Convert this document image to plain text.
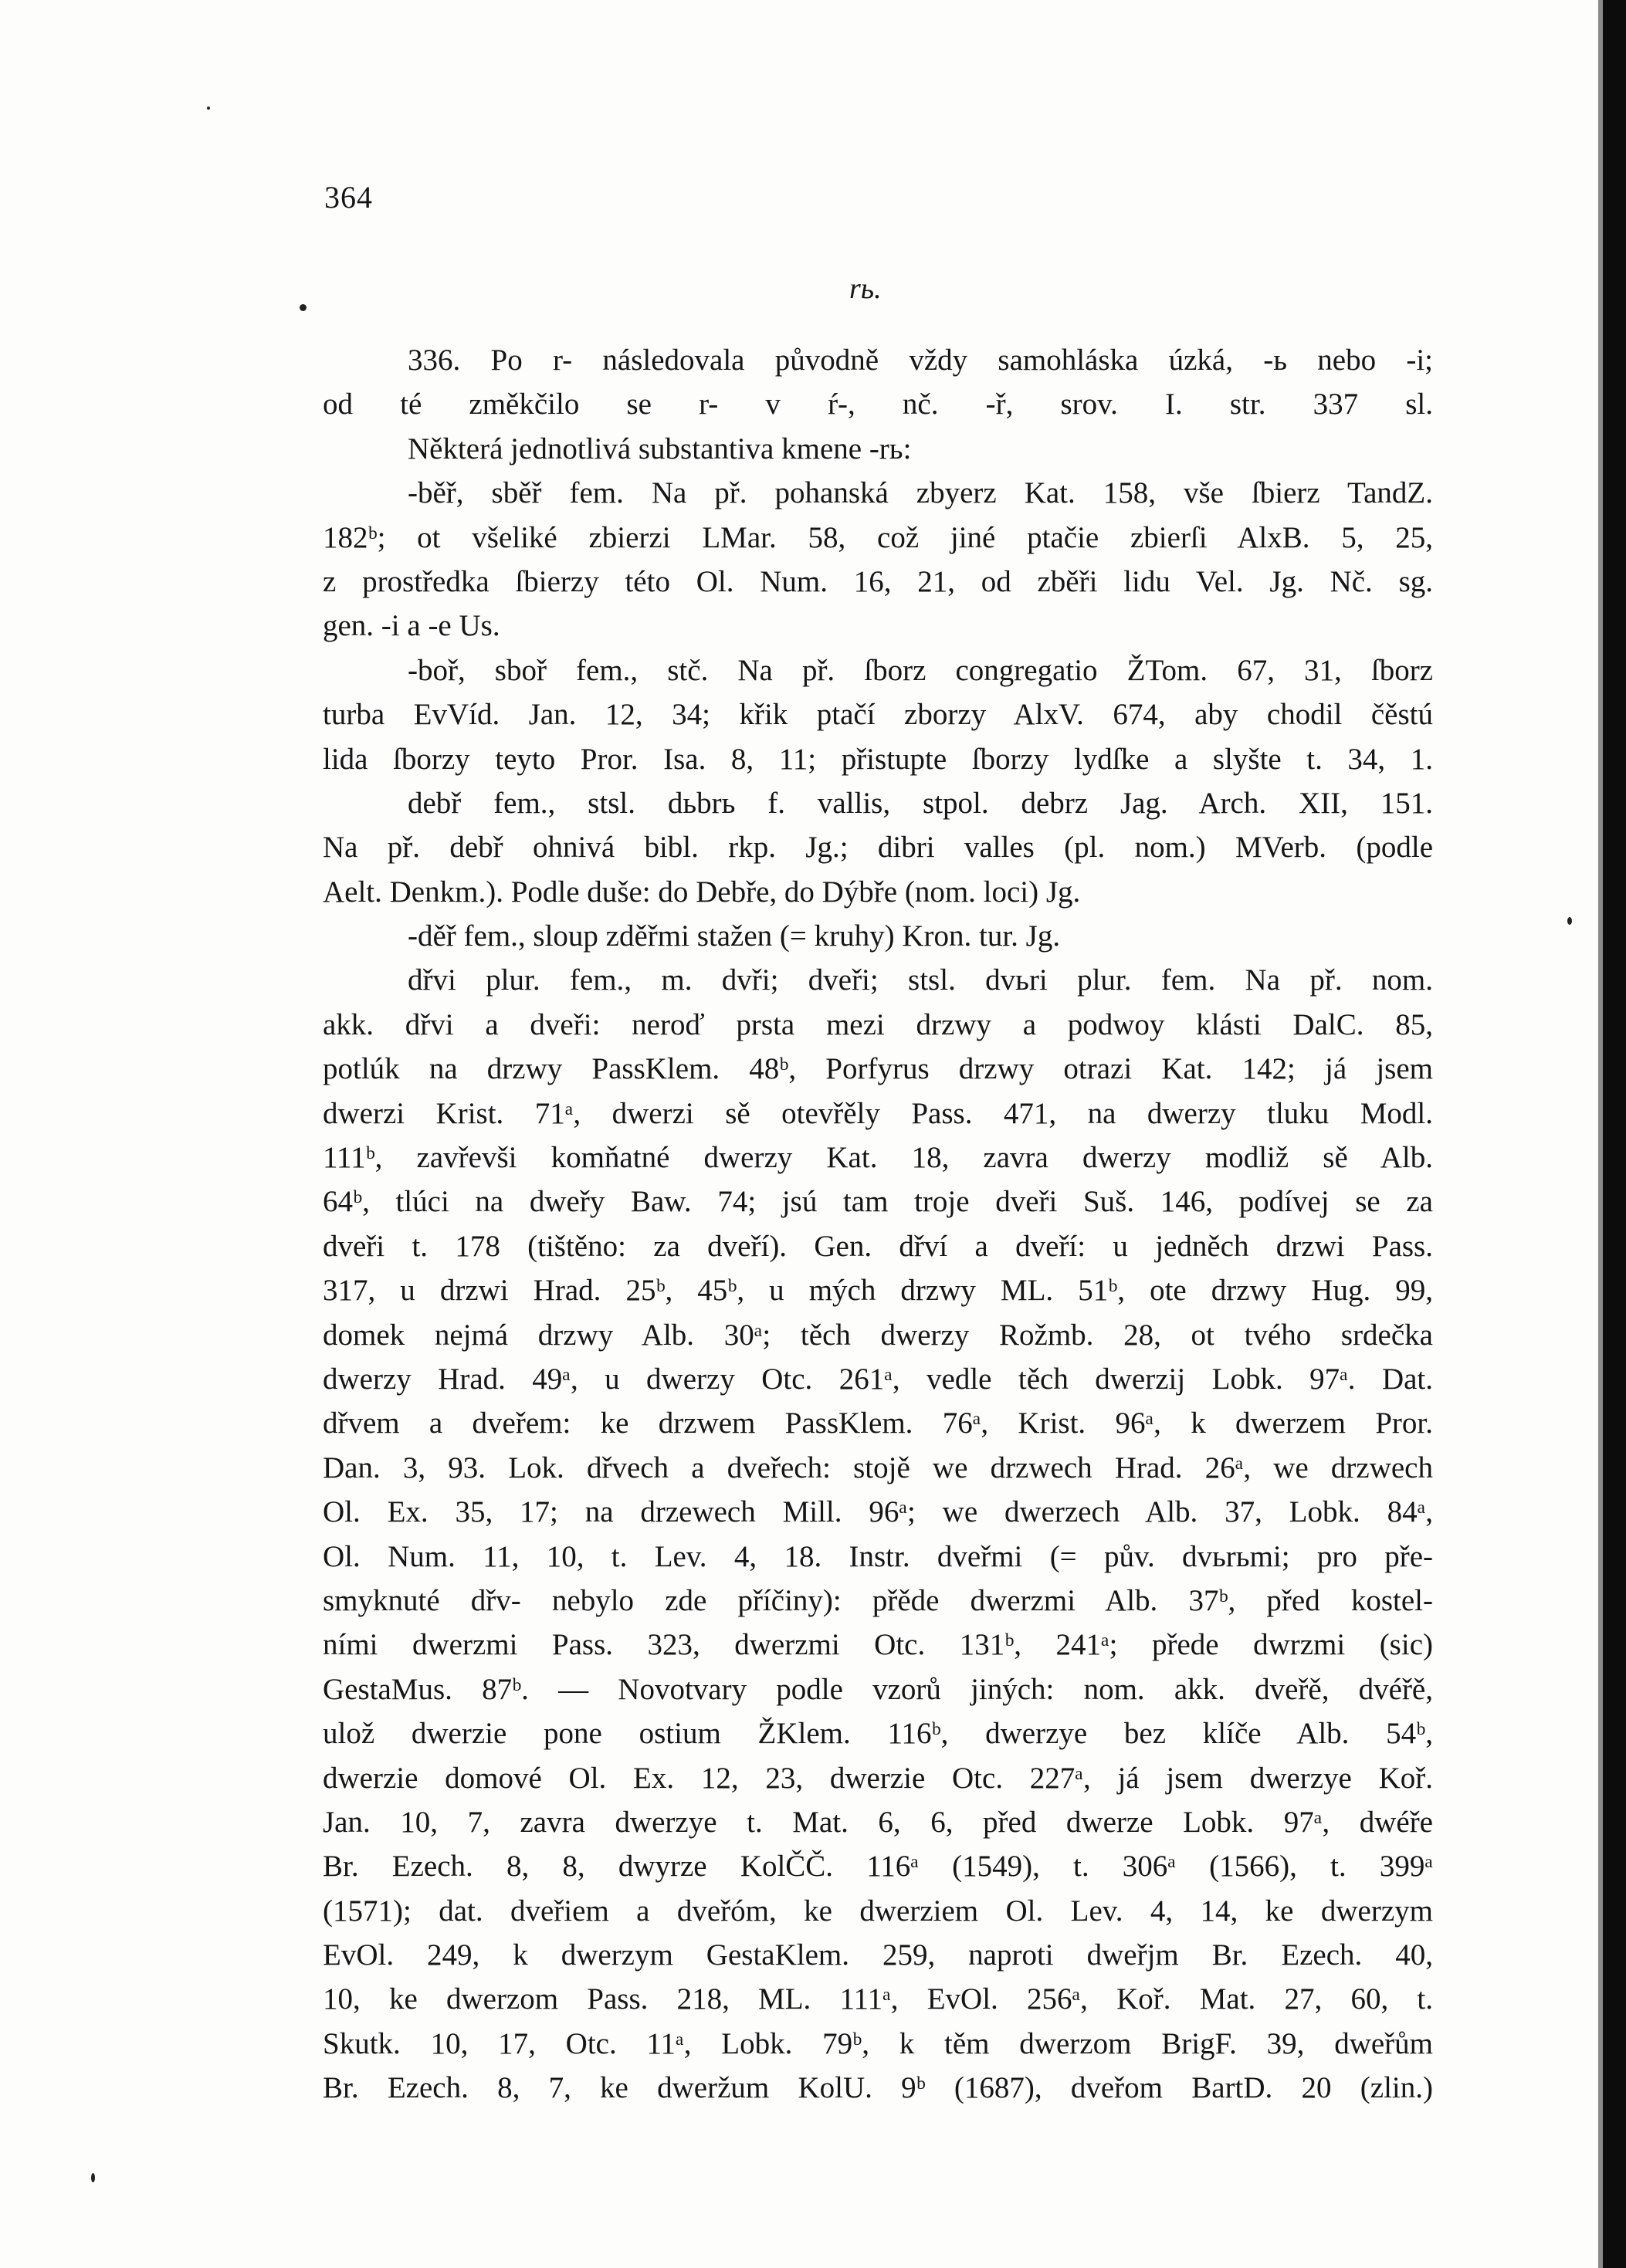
364
rь.
336. Po r- následovala původně vždy samohláska úzká, -ь nebo -i;
od té změkčilo se r- v ŕ-, nč. -ř, srov. I. str. 337 sl.
Některá jednotlivá substantiva kmene -rь:
-běř, sběř fem. Na př. pohanská zbyerz Kat. 158, vše ſbierz TandZ.
182ᵇ; ot všeliké zbierzi LMar. 58, což jiné ptačie zbierſi AlxB. 5, 25,
z prostředka ſbierzy této Ol. Num. 16, 21, od zběři lidu Vel. Jg. Nč. sg.
gen. -i a -e Us.
-boř, sboř fem., stč. Na př. ſborz congregatio ŽTom. 67, 31, ſborz
turba EvVíd. Jan. 12, 34; křik ptačí zborzy AlxV. 674, aby chodil čěstú
lida ſborzy teyto Pror. Isa. 8, 11; přistupte ſborzy lydſke a slyšte t. 34, 1.
debř fem., stsl. dьbrь f. vallis, stpol. debrz Jag. Arch. XII, 151.
Na př. debř ohnivá bibl. rkp. Jg.; dibri valles (pl. nom.) MVerb. (podle
Aelt. Denkm.). Podle duše: do Debře, do Dýbře (nom. loci) Jg.
-děř fem., sloup zděřmi stažen (= kruhy) Kron. tur. Jg.
dřvi plur. fem., m. dvři; dveři; stsl. dvьri plur. fem. Na př. nom.
akk. dřvi a dveři: neroď prsta mezi drzwy a podwoy klásti DalC. 85,
potlúk na drzwy PassKlem. 48ᵇ, Porfyrus drzwy otrazi Kat. 142; já jsem
dwerzi Krist. 71ᵃ, dwerzi sě otevřěly Pass. 471, na dwerzy tluku Modl.
111ᵇ, zavřevši komňatné dwerzy Kat. 18, zavra dwerzy modliž sě Alb.
64ᵇ, tlúci na dweřy Baw. 74; jsú tam troje dveři Suš. 146, podívej se za
dveři t. 178 (tištěno: za dveří). Gen. dřví a dveří: u jedněch drzwi Pass.
317, u drzwi Hrad. 25ᵇ, 45ᵇ, u mých drzwy ML. 51ᵇ, ote drzwy Hug. 99,
domek nejmá drzwy Alb. 30ᵃ; těch dwerzy Rožmb. 28, ot tvého srdečka
dwerzy Hrad. 49ᵃ, u dwerzy Otc. 261ᵃ, vedle těch dwerzij Lobk. 97ᵃ. Dat.
dřvem a dveřem: ke drzwem PassKlem. 76ᵃ, Krist. 96ᵃ, k dwerzem Pror.
Dan. 3, 93. Lok. dřvech a dveřech: stojě we drzwech Hrad. 26ᵃ, we drzwech
Ol. Ex. 35, 17; na drzewech Mill. 96ᵃ; we dwerzech Alb. 37, Lobk. 84ᵃ,
Ol. Num. 11, 10, t. Lev. 4, 18. Instr. dveřmi (= pův. dvьrьmi; pro pře-
smyknuté dřv- nebylo zde příčiny): přěde dwerzmi Alb. 37ᵇ, před kostel-
ními dwerzmi Pass. 323, dwerzmi Otc. 131ᵇ, 241ᵃ; přede dwrzmi (sic)
GestaMus. 87ᵇ. — Novotvary podle vzorů jiných: nom. akk. dveřě, dvéřě,
ulož dwerzie pone ostium ŽKlem. 116ᵇ, dwerzye bez klíče Alb. 54ᵇ,
dwerzie domové Ol. Ex. 12, 23, dwerzie Otc. 227ᵃ, já jsem dwerzye Koř.
Jan. 10, 7, zavra dwerzye t. Mat. 6, 6, před dwerze Lobk. 97ᵃ, dwéře
Br. Ezech. 8, 8, dwyrze KolČČ. 116ᵃ (1549), t. 306ᵃ (1566), t. 399ᵃ
(1571); dat. dveřiem a dveřóm, ke dwerziem Ol. Lev. 4, 14, ke dwerzym
EvOl. 249, k dwerzym GestaKlem. 259, naproti dweřjm Br. Ezech. 40,
10, ke dwerzom Pass. 218, ML. 111ᵃ, EvOl. 256ᵃ, Koř. Mat. 27, 60, t.
Skutk. 10, 17, Otc. 11ᵃ, Lobk. 79ᵇ, k těm dwerzom BrigF. 39, dweřům
Br. Ezech. 8, 7, ke dweržum KolU. 9ᵇ (1687), dveřom BartD. 20 (zlin.)
